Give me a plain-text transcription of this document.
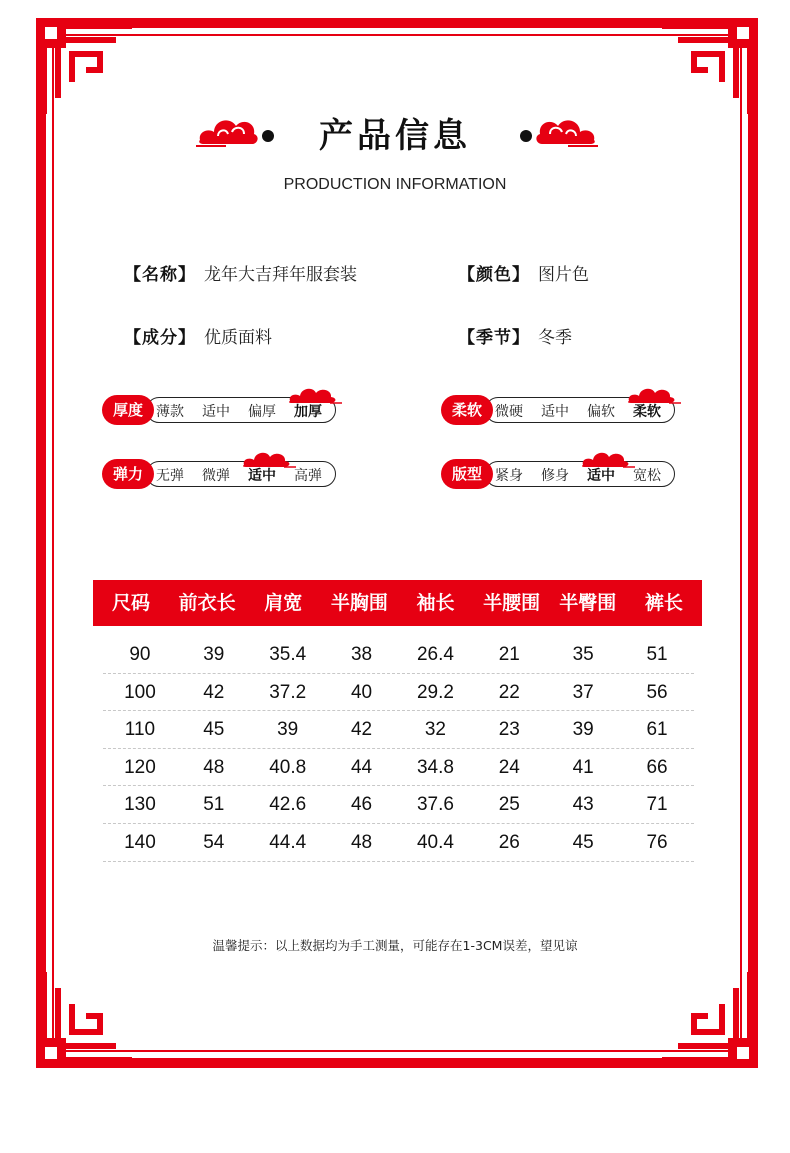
产品信息
PRODUCTION INFORMATION
【名称】 龙年大吉拜年服套装	【颜色】 图片色
【成分】 优质面料	【季节】 冬季
厚度 薄款 适中 偏厚 加厚	柔软 微硬 适中 偏软 柔软
弹力 无弹 微弹 适中 高弹	版型 紧身 修身 适中 宽松
尺码	前衣长	肩宽	半胸围	袖长	半腰围	半臀围	裤长
90	39	35.4	38	26.4	21	35	51
100	42	37.2	40	29.2	22	37	56
110	45	39	42	32	23	39	61
120	48	40.8	44	34.8	24	41	66
130	51	42.6	46	37.6	25	43	71
140	54	44.4	48	40.4	26	45	76
温馨提示：以上数据均为手工测量，可能存在1-3CM误差，望见谅
